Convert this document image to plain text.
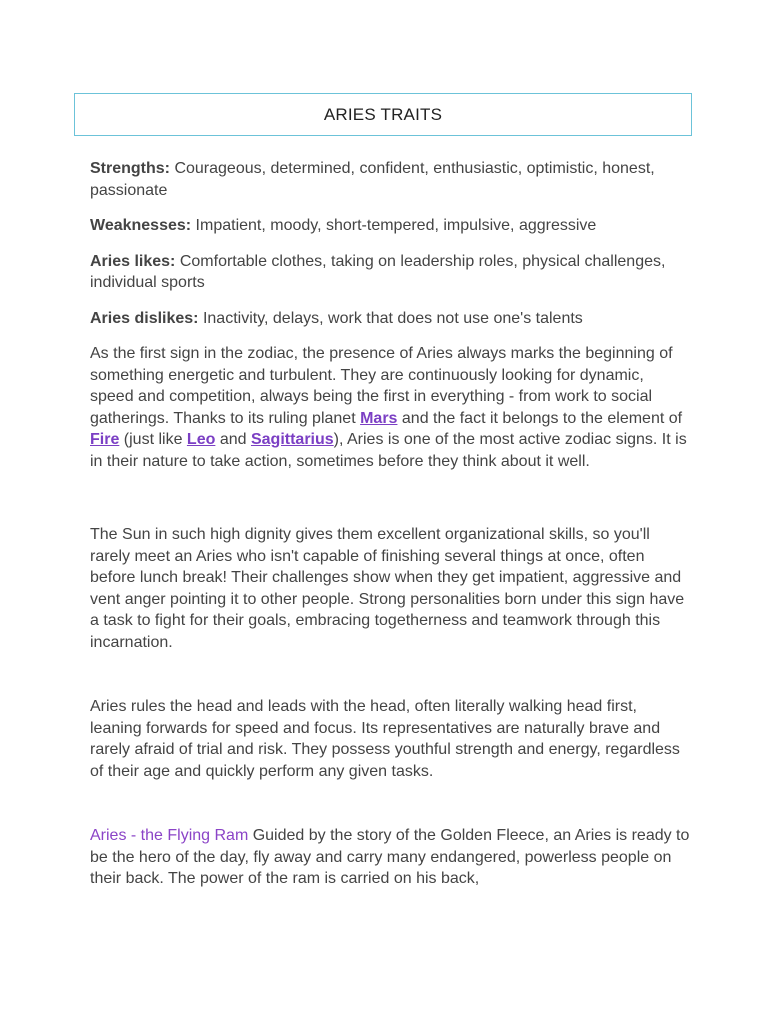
ARIES TRAITS

Strengths: Courageous, determined, confident, enthusiastic, optimistic, honest, passionate

Weaknesses: Impatient, moody, short-tempered, impulsive, aggressive

Aries likes: Comfortable clothes, taking on leadership roles, physical challenges, individual sports

Aries dislikes: Inactivity, delays, work that does not use one's talents

As the first sign in the zodiac, the presence of Aries always marks the beginning of something energetic and turbulent. They are continuously looking for dynamic, speed and competition, always being the first in everything - from work to social gatherings. Thanks to its ruling planet Mars and the fact it belongs to the element of Fire (just like Leo and Sagittarius), Aries is one of the most active zodiac signs. It is in their nature to take action, sometimes before they think about it well.

The Sun in such high dignity gives them excellent organizational skills, so you'll rarely meet an Aries who isn't capable of finishing several things at once, often before lunch break! Their challenges show when they get impatient, aggressive and vent anger pointing it to other people. Strong personalities born under this sign have a task to fight for their goals, embracing togetherness and teamwork through this incarnation.

Aries rules the head and leads with the head, often literally walking head first, leaning forwards for speed and focus. Its representatives are naturally brave and rarely afraid of trial and risk. They possess youthful strength and energy, regardless of their age and quickly perform any given tasks.

Aries - the Flying Ram Guided by the story of the Golden Fleece, an Aries is ready to be the hero of the day, fly away and carry many endangered, powerless people on their back. The power of the ram is carried on his back,
